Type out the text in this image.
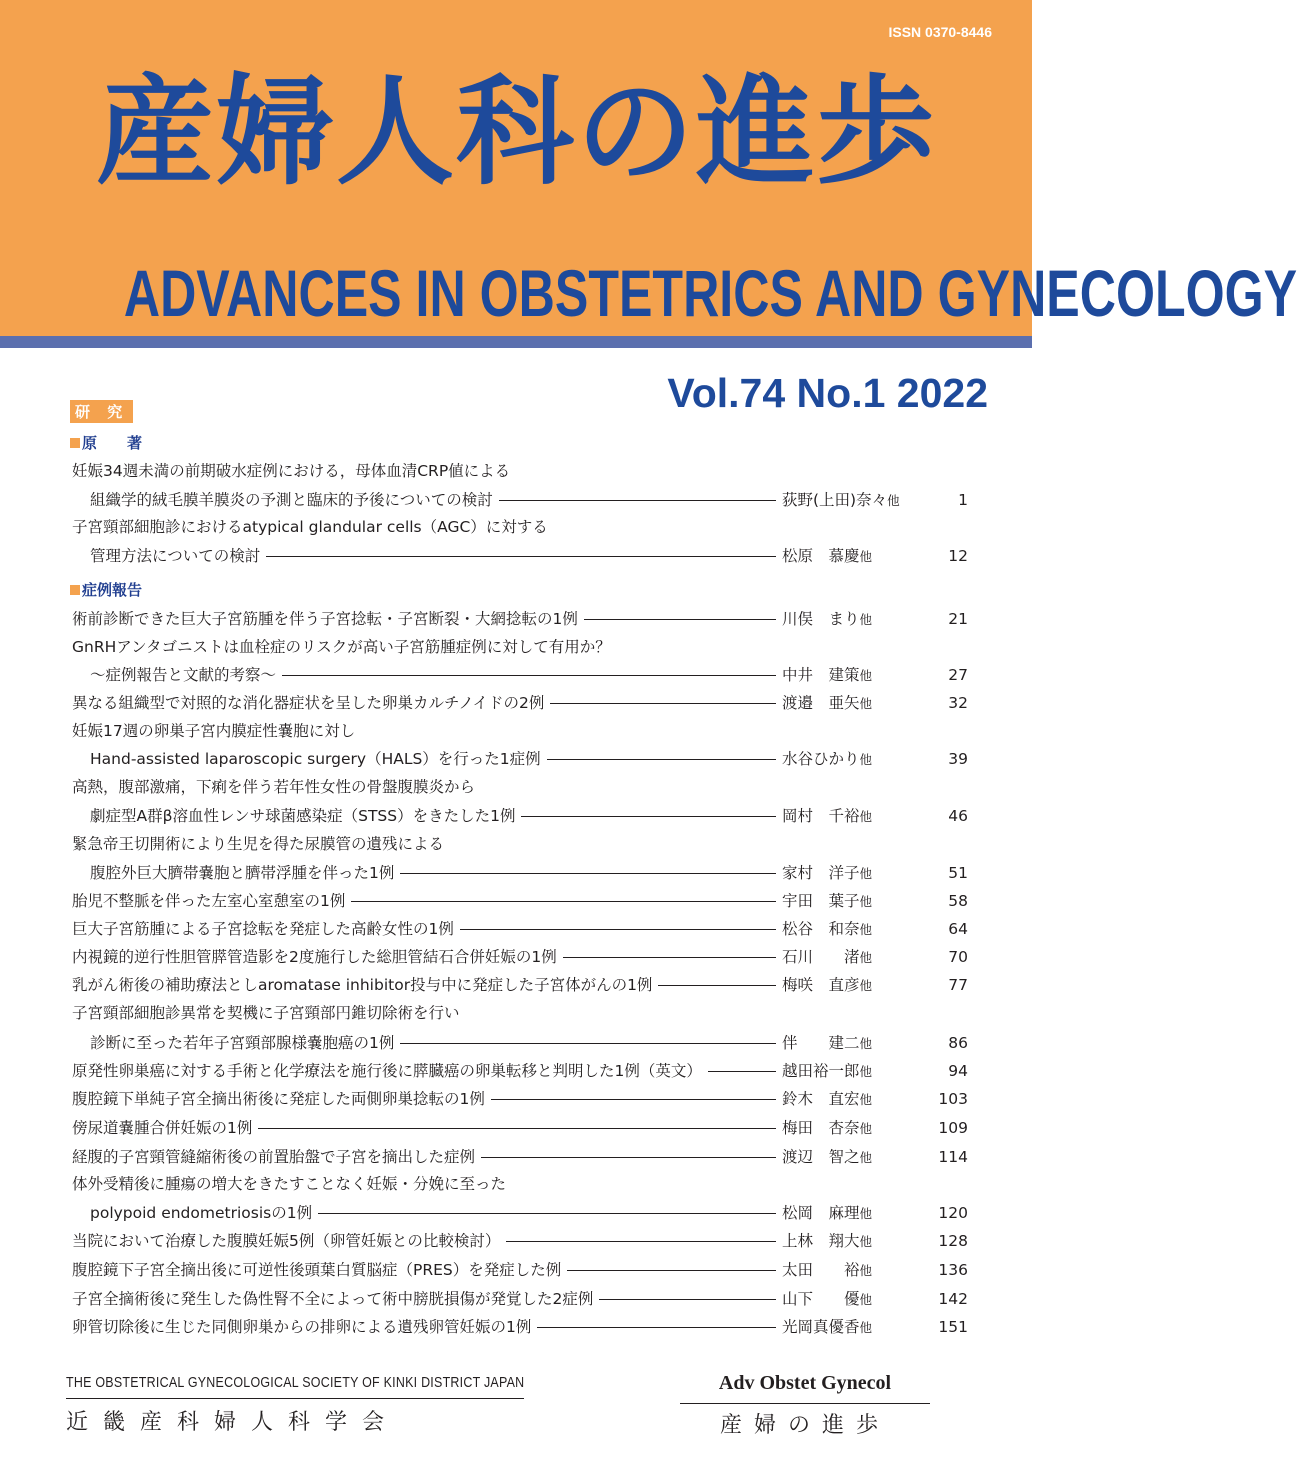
ISSN 0370-8446
産婦人科の進歩
ADVANCES IN OBSTETRICS AND GYNECOLOGY
Vol.74 No.1 2022
研 究
原　　著
妊娠34週未満の前期破水症例における，母体血清CRP値による
組織学的絨毛膜羊膜炎の予測と臨床的予後についての検討	荻野(上田)奈々他	1
子宮頸部細胞診におけるatypical glandular cells（AGC）に対する
管理方法についての検討	松原　慕慶他	12
症例報告
術前診断できた巨大子宮筋腫を伴う子宮捻転・子宮断裂・大網捻転の1例	川俣　まり他	21
GnRHアンタゴニストは血栓症のリスクが高い子宮筋腫症例に対して有用か？
～症例報告と文献的考察～	中井　建策他	27
異なる組織型で対照的な消化器症状を呈した卵巣カルチノイドの2例	渡邉　亜矢他	32
妊娠17週の卵巣子宮内膜症性嚢胞に対し
Hand-assisted laparoscopic surgery（HALS）を行った1症例	水谷ひかり他	39
高熱，腹部激痛，下痢を伴う若年性女性の骨盤腹膜炎から
劇症型A群β溶血性レンサ球菌感染症（STSS）をきたした1例	岡村　千裕他	46
緊急帝王切開術により生児を得た尿膜管の遺残による
腹腔外巨大臍帯嚢胞と臍帯浮腫を伴った1例	家村　洋子他	51
胎児不整脈を伴った左室心室憩室の1例	宇田　葉子他	58
巨大子宮筋腫による子宮捻転を発症した高齢女性の1例	松谷　和奈他	64
内視鏡的逆行性胆管膵管造影を2度施行した総胆管結石合併妊娠の1例	石川　　渚他	70
乳がん術後の補助療法としaromatase inhibitor投与中に発症した子宮体がんの1例	梅咲　直彦他	77
子宮頸部細胞診異常を契機に子宮頸部円錐切除術を行い
診断に至った若年子宮頸部腺様嚢胞癌の1例	伴　　建二他	86
原発性卵巣癌に対する手術と化学療法を施行後に膵臓癌の卵巣転移と判明した1例（英文）	越田裕一郎他	94
腹腔鏡下単純子宮全摘出術後に発症した両側卵巣捻転の1例	鈴木　直宏他	103
傍尿道嚢腫合併妊娠の1例	梅田　杏奈他	109
経腹的子宮頸管縫縮術後の前置胎盤で子宮を摘出した症例	渡辺　智之他	114
体外受精後に腫瘍の増大をきたすことなく妊娠・分娩に至った
polypoid endometriosisの1例	松岡　麻理他	120
当院において治療した腹膜妊娠5例（卵管妊娠との比較検討）	上林　翔大他	128
腹腔鏡下子宮全摘出後に可逆性後頭葉白質脳症（PRES）を発症した例	太田　　裕他	136
子宮全摘術後に発生した偽性腎不全によって術中膀胱損傷が発覚した2症例	山下　　優他	142
卵管切除後に生じた同側卵巣からの排卵による遺残卵管妊娠の1例	光岡真優香他	151
THE OBSTETRICAL GYNECOLOGICAL SOCIETY OF KINKI DISTRICT JAPAN
近畿産科婦人科学会
Adv Obstet Gynecol
産婦の進歩
